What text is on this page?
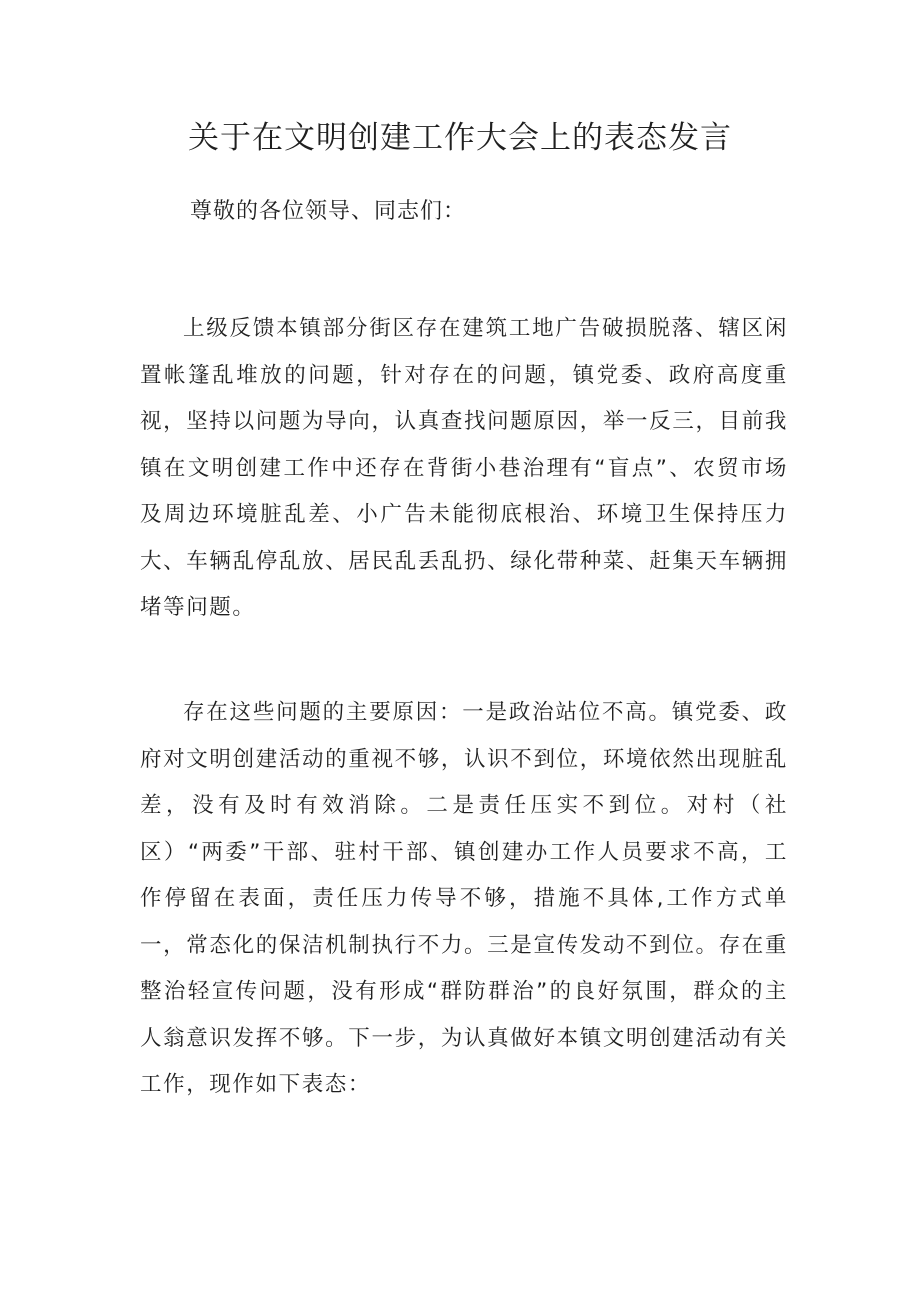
关于在文明创建工作大会上的表态发言
尊敬的各位领导、同志们：

上级反馈本镇部分街区存在建筑工地广告破损脱落、辖区闲置帐篷乱堆放的问题，针对存在的问题，镇党委、政府高度重视，坚持以问题为导向，认真查找问题原因，举一反三，目前我镇在文明创建工作中还存在背街小巷治理有“盲点”、农贸市场及周边环境脏乱差、小广告未能彻底根治、环境卫生保持压力大、车辆乱停乱放、居民乱丢乱扔、绿化带种菜、赶集天车辆拥堵等问题。

存在这些问题的主要原因：一是政治站位不高。镇党委、政府对文明创建活动的重视不够，认识不到位，环境依然出现脏乱差，没有及时有效消除。二是责任压实不到位。对村（社区）“两委”干部、驻村干部、镇创建办工作人员要求不高，工作停留在表面，责任压力传导不够，措施不具体,工作方式单一，常态化的保洁机制执行不力。三是宣传发动不到位。存在重整治轻宣传问题，没有形成“群防群治”的良好氛围，群众的主人翁意识发挥不够。下一步，为认真做好本镇文明创建活动有关工作，现作如下表态：
